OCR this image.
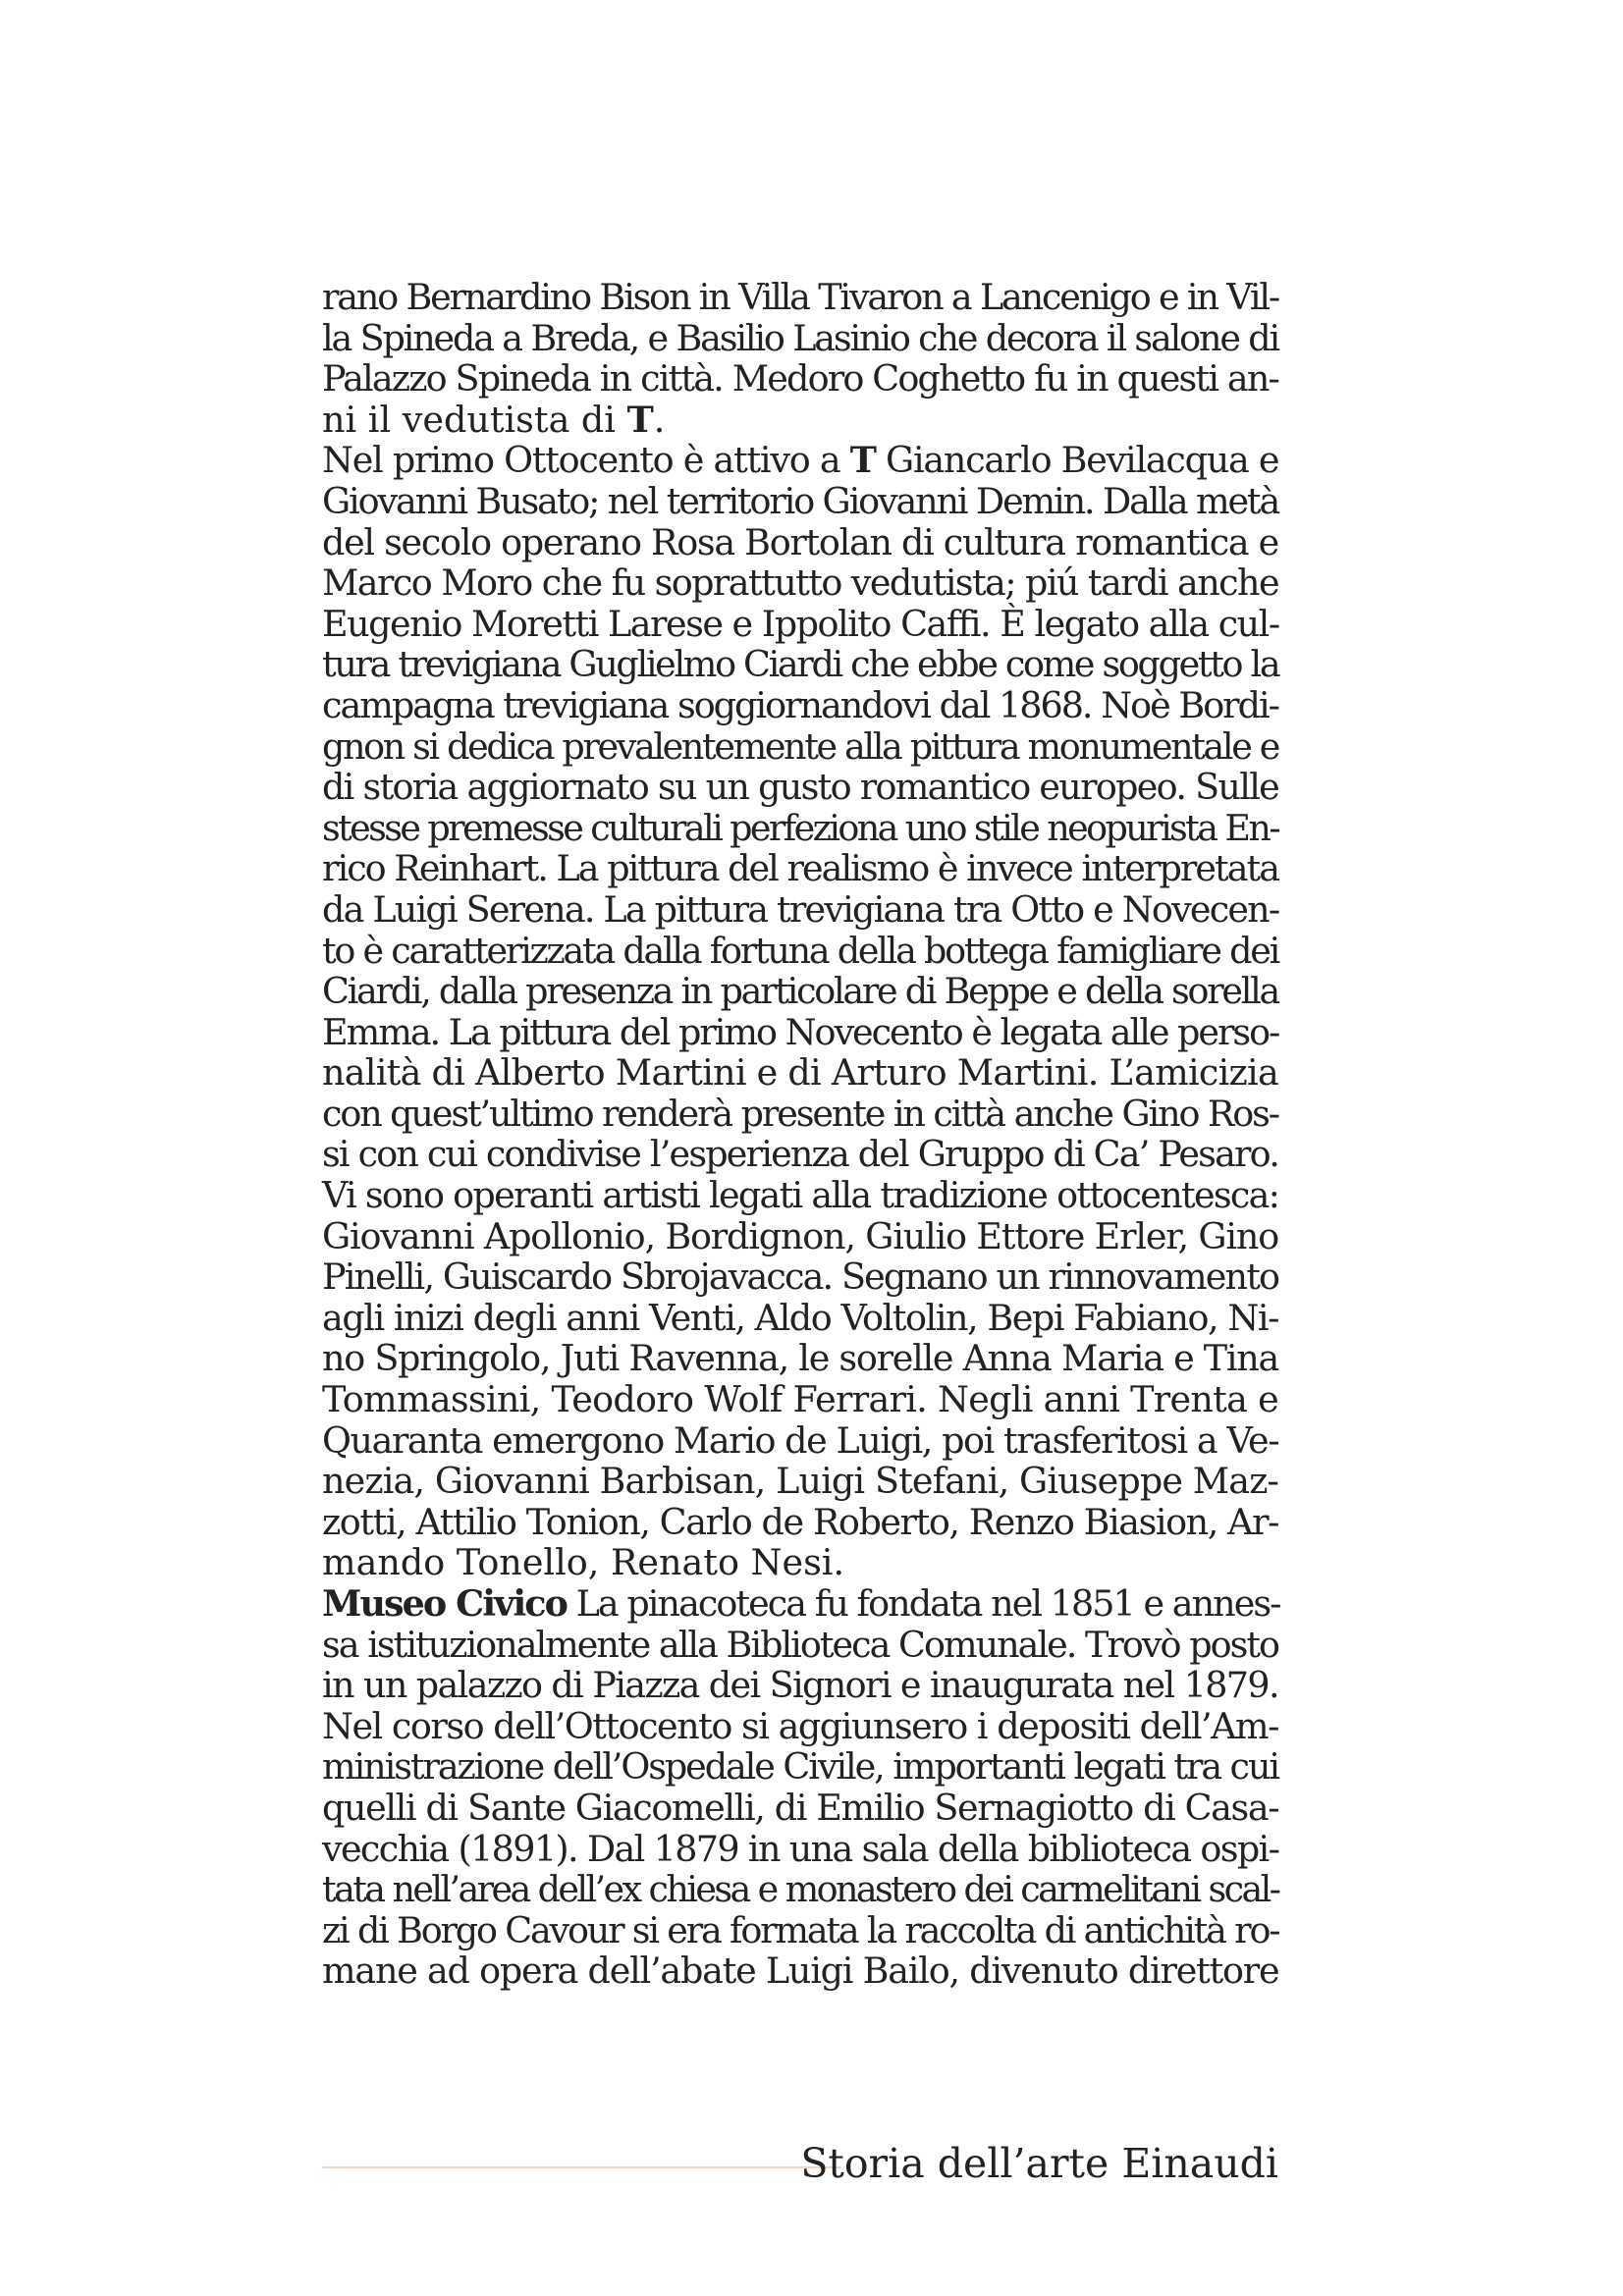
rano Bernardino Bison in Villa Tivaron a Lancenigo e in Vil-
la Spineda a Breda, e Basilio Lasinio che decora il salone di
Palazzo Spineda in città. Medoro Coghetto fu in questi an-
ni il vedutista di T.
Nel primo Ottocento è attivo a T Giancarlo Bevilacqua e
Giovanni Busato; nel territorio Giovanni Demin. Dalla metà
del secolo operano Rosa Bortolan di cultura romantica e
Marco Moro che fu soprattutto vedutista; piú tardi anche
Eugenio Moretti Larese e Ippolito Caffi. È legato alla cul-
tura trevigiana Guglielmo Ciardi che ebbe come soggetto la
campagna trevigiana soggiornandovi dal 1868. Noè Bordi-
gnon si dedica prevalentemente alla pittura monumentale e
di storia aggiornato su un gusto romantico europeo. Sulle
stesse premesse culturali perfeziona uno stile neopurista En-
rico Reinhart. La pittura del realismo è invece interpretata
da Luigi Serena. La pittura trevigiana tra Otto e Novecen-
to è caratterizzata dalla fortuna della bottega famigliare dei
Ciardi, dalla presenza in particolare di Beppe e della sorella
Emma. La pittura del primo Novecento è legata alle perso-
nalità di Alberto Martini e di Arturo Martini. L’amicizia
con quest’ultimo renderà presente in città anche Gino Ros-
si con cui condivise l’esperienza del Gruppo di Ca’ Pesaro.
Vi sono operanti artisti legati alla tradizione ottocentesca:
Giovanni Apollonio, Bordignon, Giulio Ettore Erler, Gino
Pinelli, Guiscardo Sbrojavacca. Segnano un rinnovamento
agli inizi degli anni Venti, Aldo Voltolin, Bepi Fabiano, Ni-
no Springolo, Juti Ravenna, le sorelle Anna Maria e Tina
Tommassini, Teodoro Wolf Ferrari. Negli anni Trenta e
Quaranta emergono Mario de Luigi, poi trasferitosi a Ve-
nezia, Giovanni Barbisan, Luigi Stefani, Giuseppe Maz-
zotti, Attilio Tonion, Carlo de Roberto, Renzo Biasion, Ar-
mando Tonello, Renato Nesi.
Museo Civico La pinacoteca fu fondata nel 1851 e annes-
sa istituzionalmente alla Biblioteca Comunale. Trovò posto
in un palazzo di Piazza dei Signori e inaugurata nel 1879.
Nel corso dell’Ottocento si aggiunsero i depositi dell’Am-
ministrazione dell’Ospedale Civile, importanti legati tra cui
quelli di Sante Giacomelli, di Emilio Sernagiotto di Casa-
vecchia (1891). Dal 1879 in una sala della biblioteca ospi-
tata nell’area dell’ex chiesa e monastero dei carmelitani scal-
zi di Borgo Cavour si era formata la raccolta di antichità ro-
mane ad opera dell’abate Luigi Bailo, divenuto direttore
Storia dell’arte Einaudi
